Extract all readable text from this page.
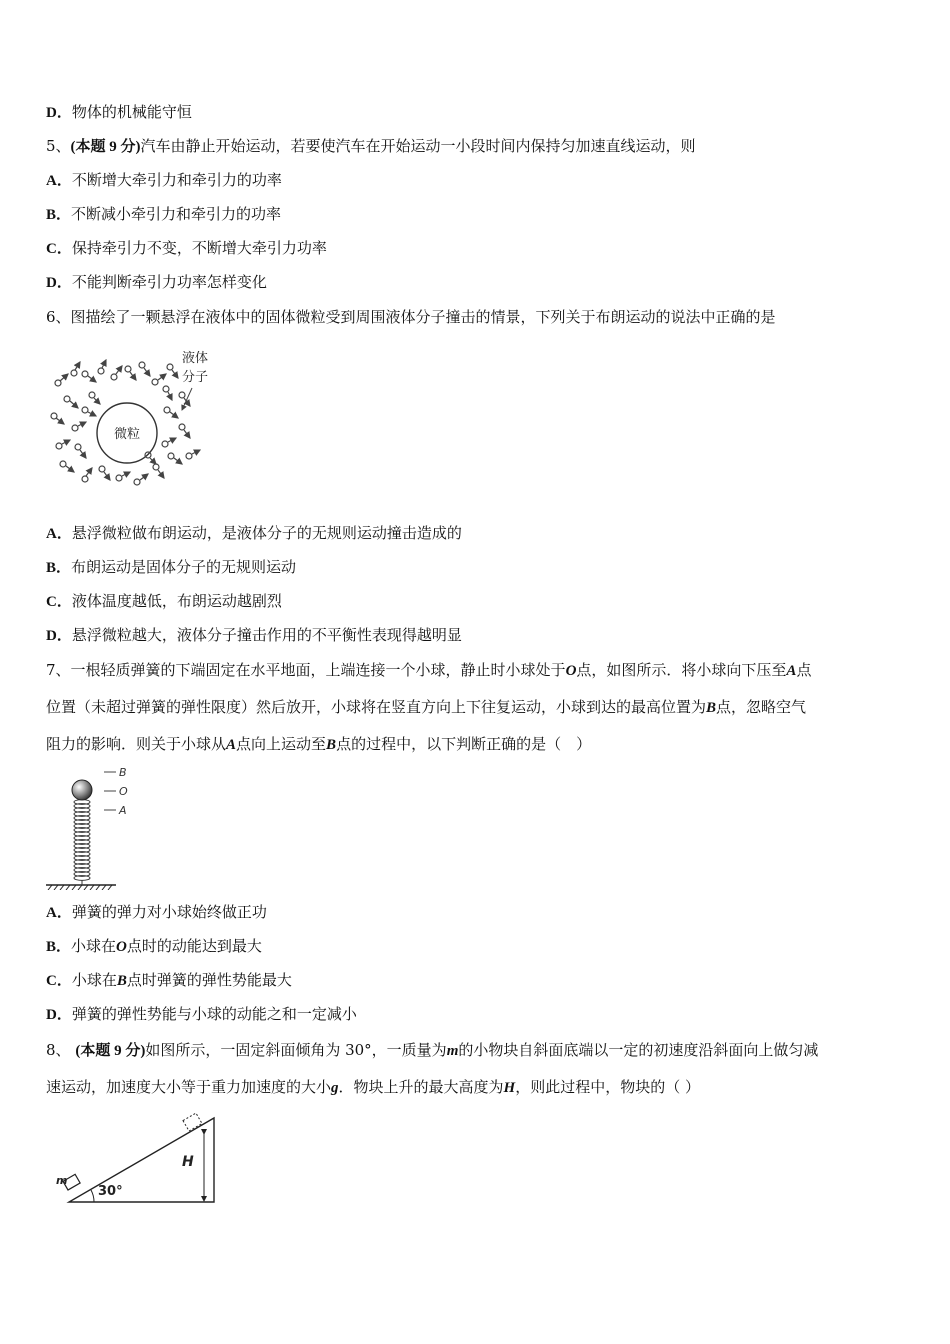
D．物体的机械能守恒
5、(本题 9 分)汽车由静止开始运动，若要使汽车在开始运动一小段时间内保持匀加速直线运动，则
A．不断增大牵引力和牵引力的功率
B．不断减小牵引力和牵引力的功率
C．保持牵引力不变，不断增大牵引力功率
D．不能判断牵引力功率怎样变化
6、图描绘了一颗悬浮在液体中的固体微粒受到周围液体分子撞击的情景，下列关于布朗运动的说法中正确的是
微粒
液体
分子
A．悬浮微粒做布朗运动，是液体分子的无规则运动撞击造成的
B．布朗运动是固体分子的无规则运动
C．液体温度越低，布朗运动越剧烈
D．悬浮微粒越大，液体分子撞击作用的不平衡性表现得越明显
7、一根轻质弹簧的下端固定在水平地面，上端连接一个小球，静止时小球处于O点，如图所示．将小球向下压至A点
位置（未超过弹簧的弹性限度）然后放开，小球将在竖直方向上下往复运动，小球到达的最高位置为B点，忽略空气
阻力的影响．则关于小球从A点向上运动至B点的过程中，以下判断正确的是（　）
B
O
A
A．弹簧的弹力对小球始终做正功
B．小球在O点时的动能达到最大
C．小球在B点时弹簧的弹性势能最大
D．弹簧的弹性势能与小球的动能之和一定减小
8、 (本题 9 分)如图所示，一固定斜面倾角为 30°，一质量为m的小物块自斜面底端以一定的初速度沿斜面向上做匀减
速运动，加速度大小等于重力加速度的大小g．物块上升的最大高度为H，则此过程中，物块的（ ）
H
30°
m
